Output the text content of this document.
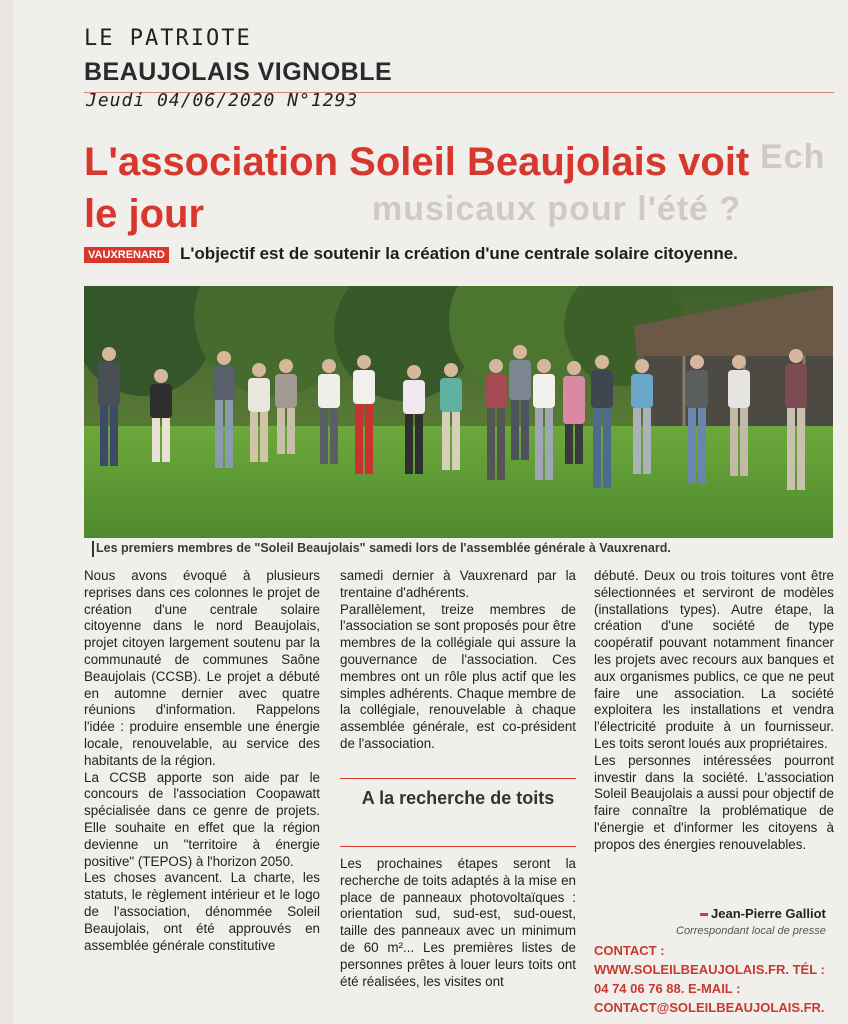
LE PATRIOTE
BEAUJOLAIS VIGNOBLE
Jeudi 04/06/2020 N°1293
Ech
musicaux pour l'été ?
L'association Soleil Beaujolais voit le jour
VAUXRENARD L'objectif est de soutenir la création d'une centrale solaire citoyenne.
Les premiers membres de "Soleil Beaujolais" samedi lors de l'assemblée générale à Vauxrenard.
Nous avons évoqué à plusieurs reprises dans ces colonnes le projet de création d'une centrale solaire citoyenne dans le nord Beaujolais, projet citoyen largement soutenu par la communauté de communes Saône Beaujolais (CCSB). Le projet a débuté en automne dernier avec quatre réunions d'information. Rappelons l'idée : produire ensemble une énergie locale, renouvelable, au service des habitants de la région.
La CCSB apporte son aide par le concours de l'association Coopawatt spécialisée dans ce genre de projets. Elle souhaite en effet que la région devienne un "territoire à énergie positive" (TEPOS) à l'horizon 2050.
Les choses avancent. La charte, les statuts, le règlement intérieur et le logo de l'association, dénommée Soleil Beaujolais, ont été approuvés en assemblée générale constitutive
samedi dernier à Vauxrenard par la trentaine d'adhérents.
Parallèlement, treize membres de l'association se sont proposés pour être membres de la collégiale qui assure la gouvernance de l'association. Ces membres ont un rôle plus actif que les simples adhérents. Chaque membre de la collégiale, renouvelable à chaque assemblée générale, est co-président de l'association.
A la recherche de toits
Les prochaines étapes seront la recherche de toits adaptés à la mise en place de panneaux photovoltaïques : orientation sud, sud-est, sud-ouest, taille des panneaux avec un minimum de 60 m²... Les premières listes de personnes prêtes à louer leurs toits ont été réalisées, les visites ont
débuté. Deux ou trois toitures vont être sélectionnées et serviront de modèles (installations types). Autre étape, la création d'une société de type coopératif pouvant notamment financer les projets avec recours aux banques et aux organismes publics, ce que ne peut faire une association. La société exploitera les installations et vendra l'électricité produite à un fournisseur. Les toits seront loués aux propriétaires.
Les personnes intéressées pourront investir dans la société. L'association Soleil Beaujolais a aussi pour objectif de faire connaître la problématique de l'énergie et d'informer les citoyens à propos des énergies renouvelables.
Jean-Pierre Galliot
Correspondant local de presse
CONTACT : WWW.SOLEILBEAUJOLAIS.FR. TÉL : 04 74 06 76 88. E-MAIL : CONTACT@SOLEILBEAUJOLAIS.FR.
